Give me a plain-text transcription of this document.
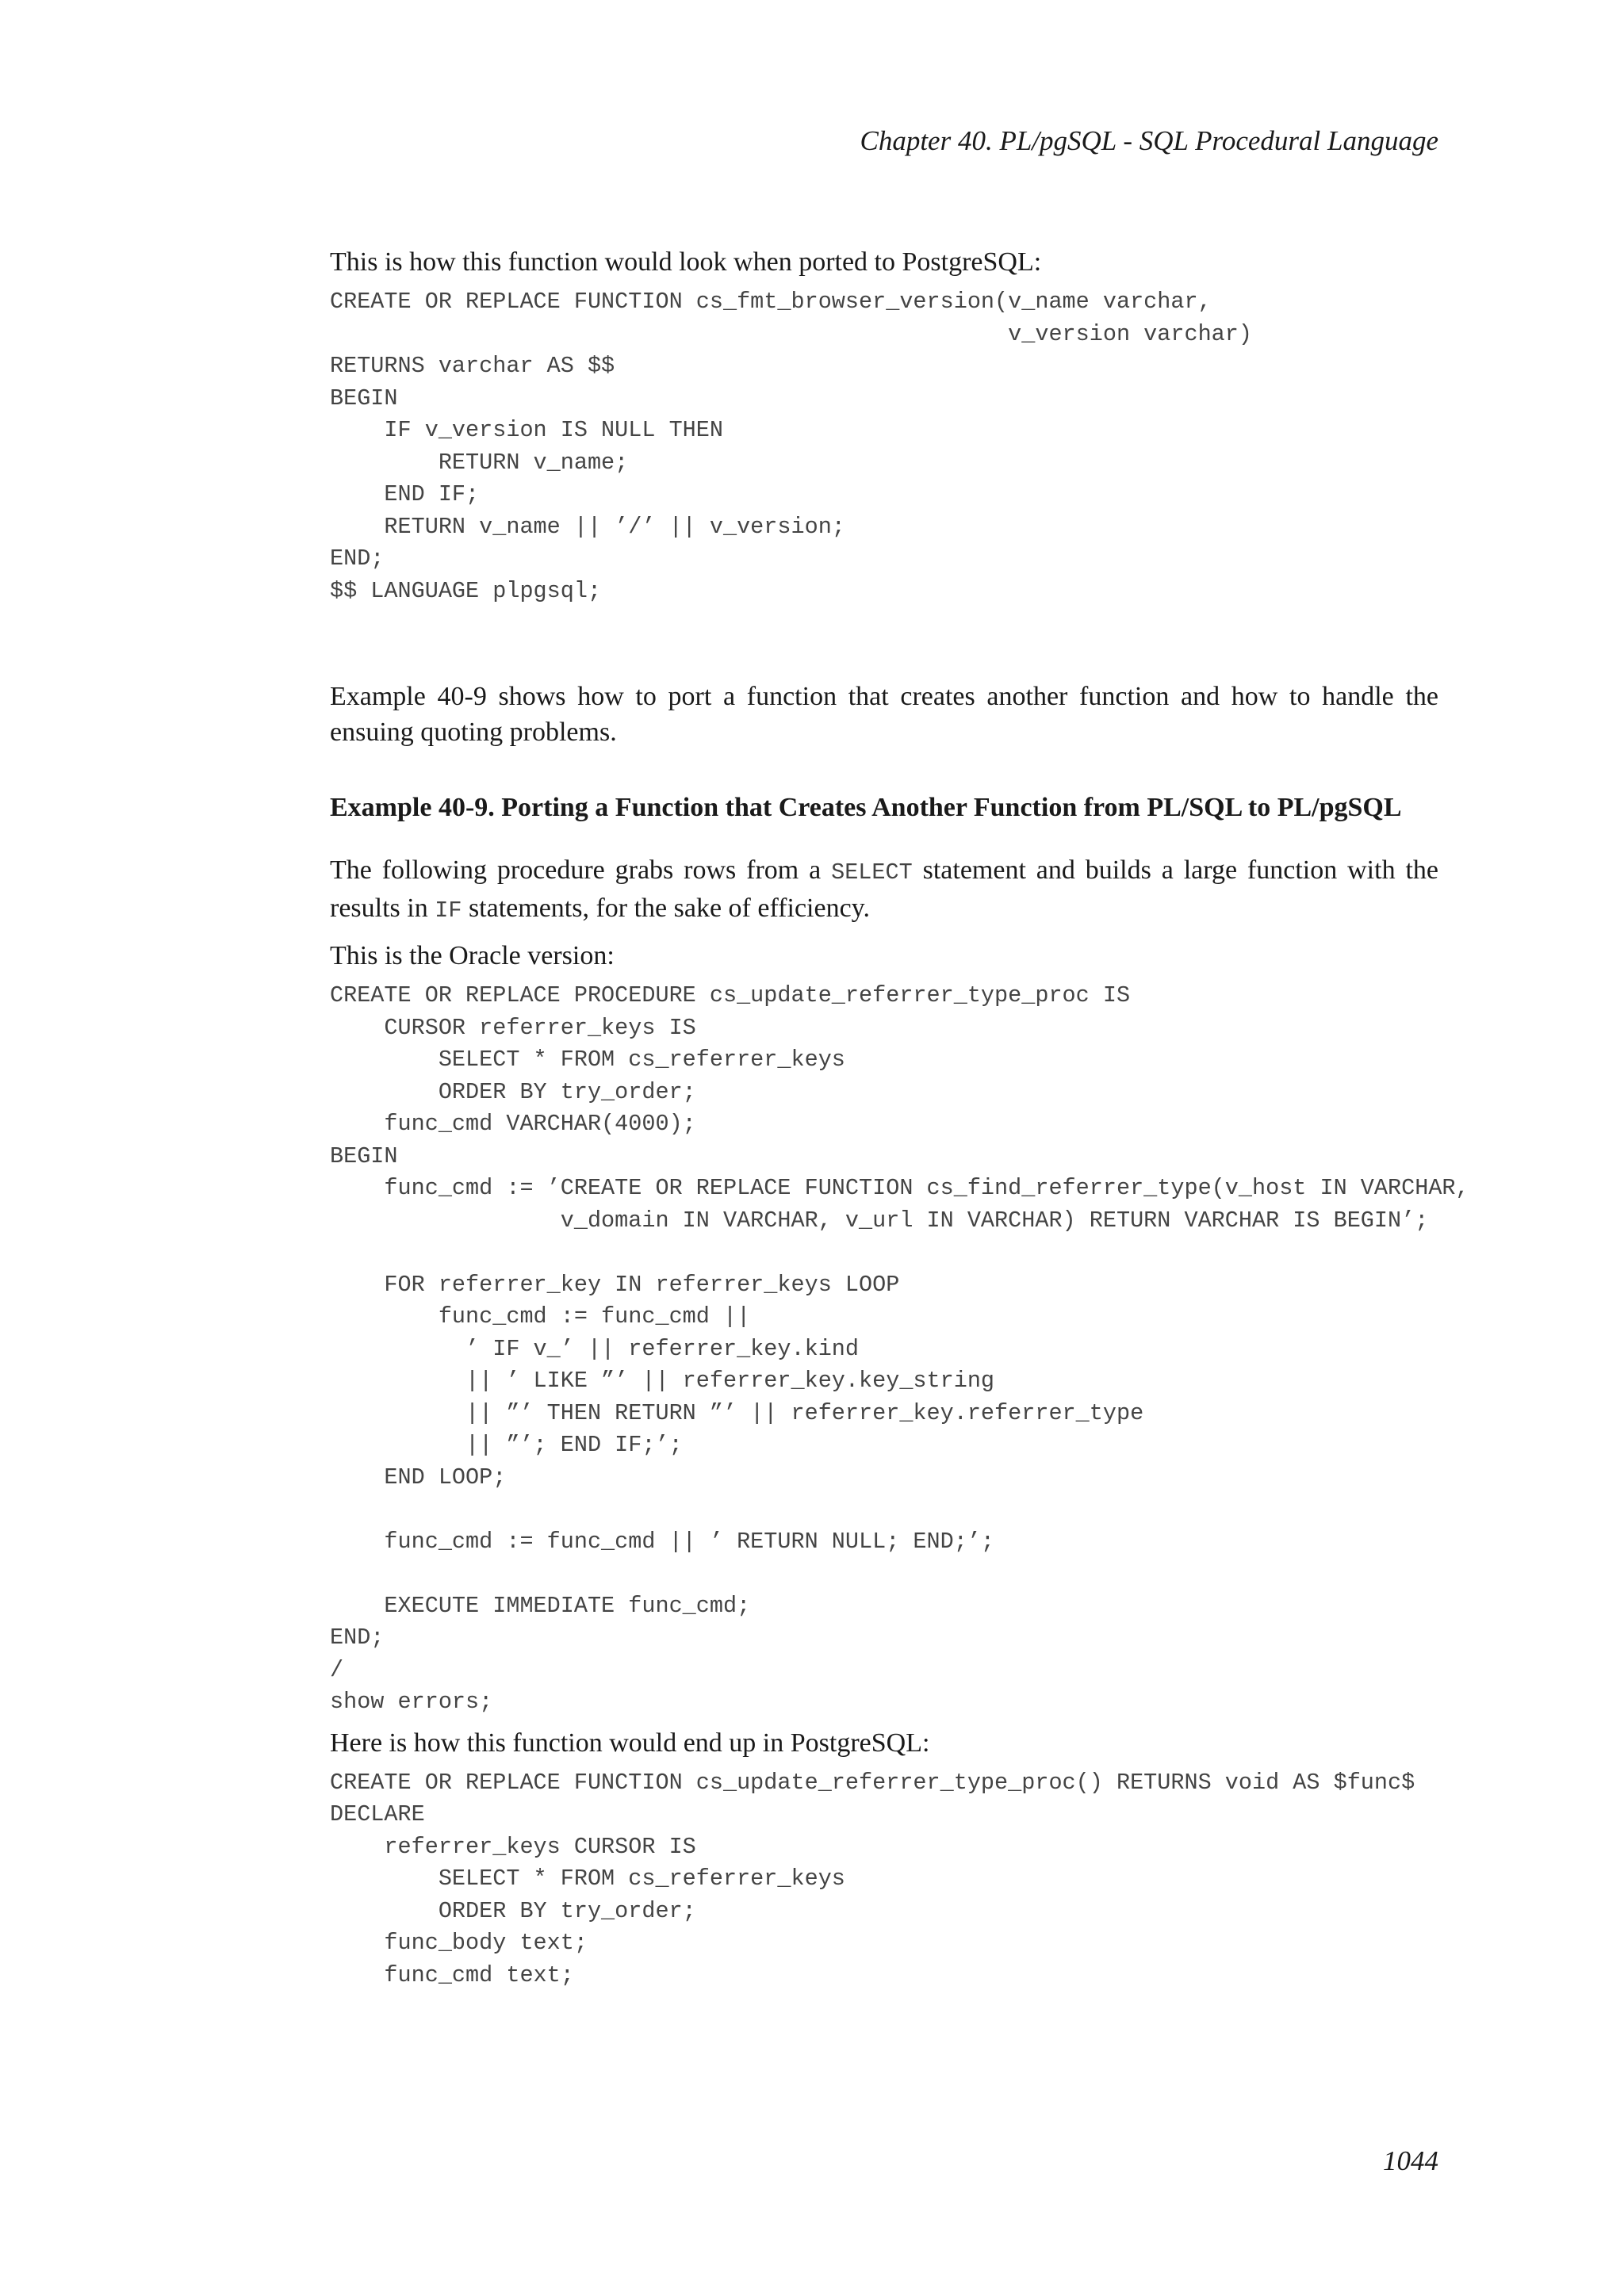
Chapter 40. PL/pgSQL - SQL Procedural Language

This is how this function would look when ported to PostgreSQL:

CREATE OR REPLACE FUNCTION cs_fmt_browser_version(v_name varchar,
v_version varchar)
RETURNS varchar AS $$
BEGIN
IF v_version IS NULL THEN
RETURN v_name;
END IF;
RETURN v_name || ’/’ || v_version;
END;
$$ LANGUAGE plpgsql;

Example 40-9 shows how to port a function that creates another function and how to handle the ensuing quoting problems.

Example 40-9. Porting a Function that Creates Another Function from PL/SQL to PL/pgSQL

The following procedure grabs rows from a SELECT statement and builds a large function with the results in IF statements, for the sake of efficiency.

This is the Oracle version:

CREATE OR REPLACE PROCEDURE cs_update_referrer_type_proc IS
CURSOR referrer_keys IS
SELECT * FROM cs_referrer_keys
ORDER BY try_order;
func_cmd VARCHAR(4000);
BEGIN
func_cmd := ’CREATE OR REPLACE FUNCTION cs_find_referrer_type(v_host IN VARCHAR,
v_domain IN VARCHAR, v_url IN VARCHAR) RETURN VARCHAR IS BEGIN’;

FOR referrer_key IN referrer_keys LOOP
func_cmd := func_cmd ||
’ IF v_’ || referrer_key.kind
|| ’ LIKE ”’ || referrer_key.key_string
|| ”’ THEN RETURN ”’ || referrer_key.referrer_type
|| ”’; END IF;’;
END LOOP;

func_cmd := func_cmd || ’ RETURN NULL; END;’;

EXECUTE IMMEDIATE func_cmd;
END;
/
show errors;

Here is how this function would end up in PostgreSQL:

CREATE OR REPLACE FUNCTION cs_update_referrer_type_proc() RETURNS void AS $func$
DECLARE
referrer_keys CURSOR IS
SELECT * FROM cs_referrer_keys
ORDER BY try_order;
func_body text;
func_cmd text;
1044
